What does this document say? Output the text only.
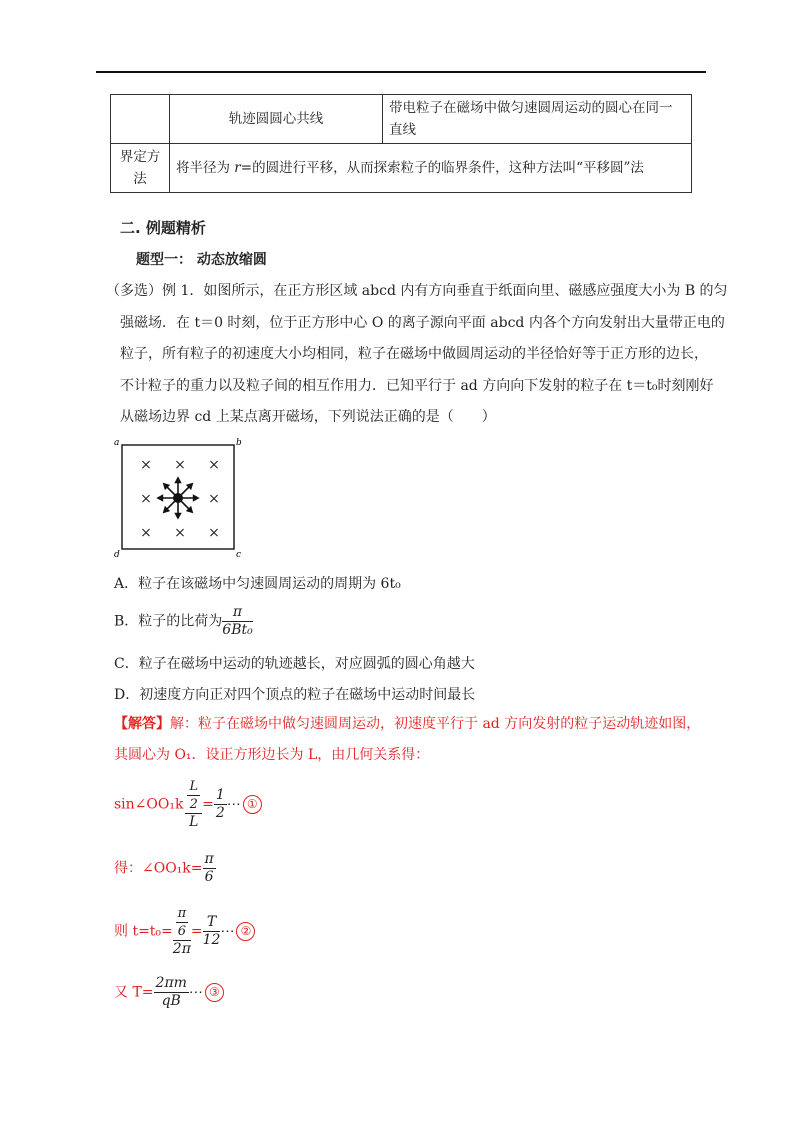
	轨迹圆圆心共线	带电粒子在磁场中做匀速圆周运动的圆心在同一直线
界定方法	将半径为 r=的圆进行平移，从而探索粒子的临界条件，这种方法叫“平移圆”法	
二. 例题精析
题型一： 动态放缩圆
（多选）例 1．如图所示，在正方形区域 abcd 内有方向垂直于纸面向里、磁感应强度大小为 B 的匀
强磁场．在 t＝0 时刻，位于正方形中心 O 的离子源向平面 abcd 内各个方向发射出大量带正电的
粒子，所有粒子的初速度大小均相同，粒子在磁场中做圆周运动的半径恰好等于正方形的边长，
不计粒子的重力以及粒子间的相互作用力．已知平行于 ad 方向向下发射的粒子在 t＝t₀时刻刚好
从磁场边界 cd 上某点离开磁场，下列说法正确的是（　　）
a	b
c
d
× × ×
×	×
× × ×
A．粒子在该磁场中匀速圆周运动的周期为 6t₀
B．粒子的比荷为 $\frac{\pi}{\text{6Bt₀}}$
C．粒子在磁场中运动的轨迹越长，对应圆弧的圆心角越大
D．初速度方向正对四个顶点的粒子在磁场中运动时间最长
【解答】解：粒子在磁场中做匀速圆周运动，初速度平行于 ad 方向发射的粒子运动轨迹如图，
其圆心为 O₁．设正方形边长为 L，由几何关系得：
sin∠OO₁k $\frac{\frac{L}{2}}{L} = \frac{1}{2}$ ⋯ ①
得：∠OO₁k= $\frac{\pi}{6}$
则 $t=t_0= \frac{\frac{\pi}{6}}{2\pi} = \frac{T}{12}$ ⋯ ②
又 $T= \frac{2\pi m}{qB}$ ⋯ ③
